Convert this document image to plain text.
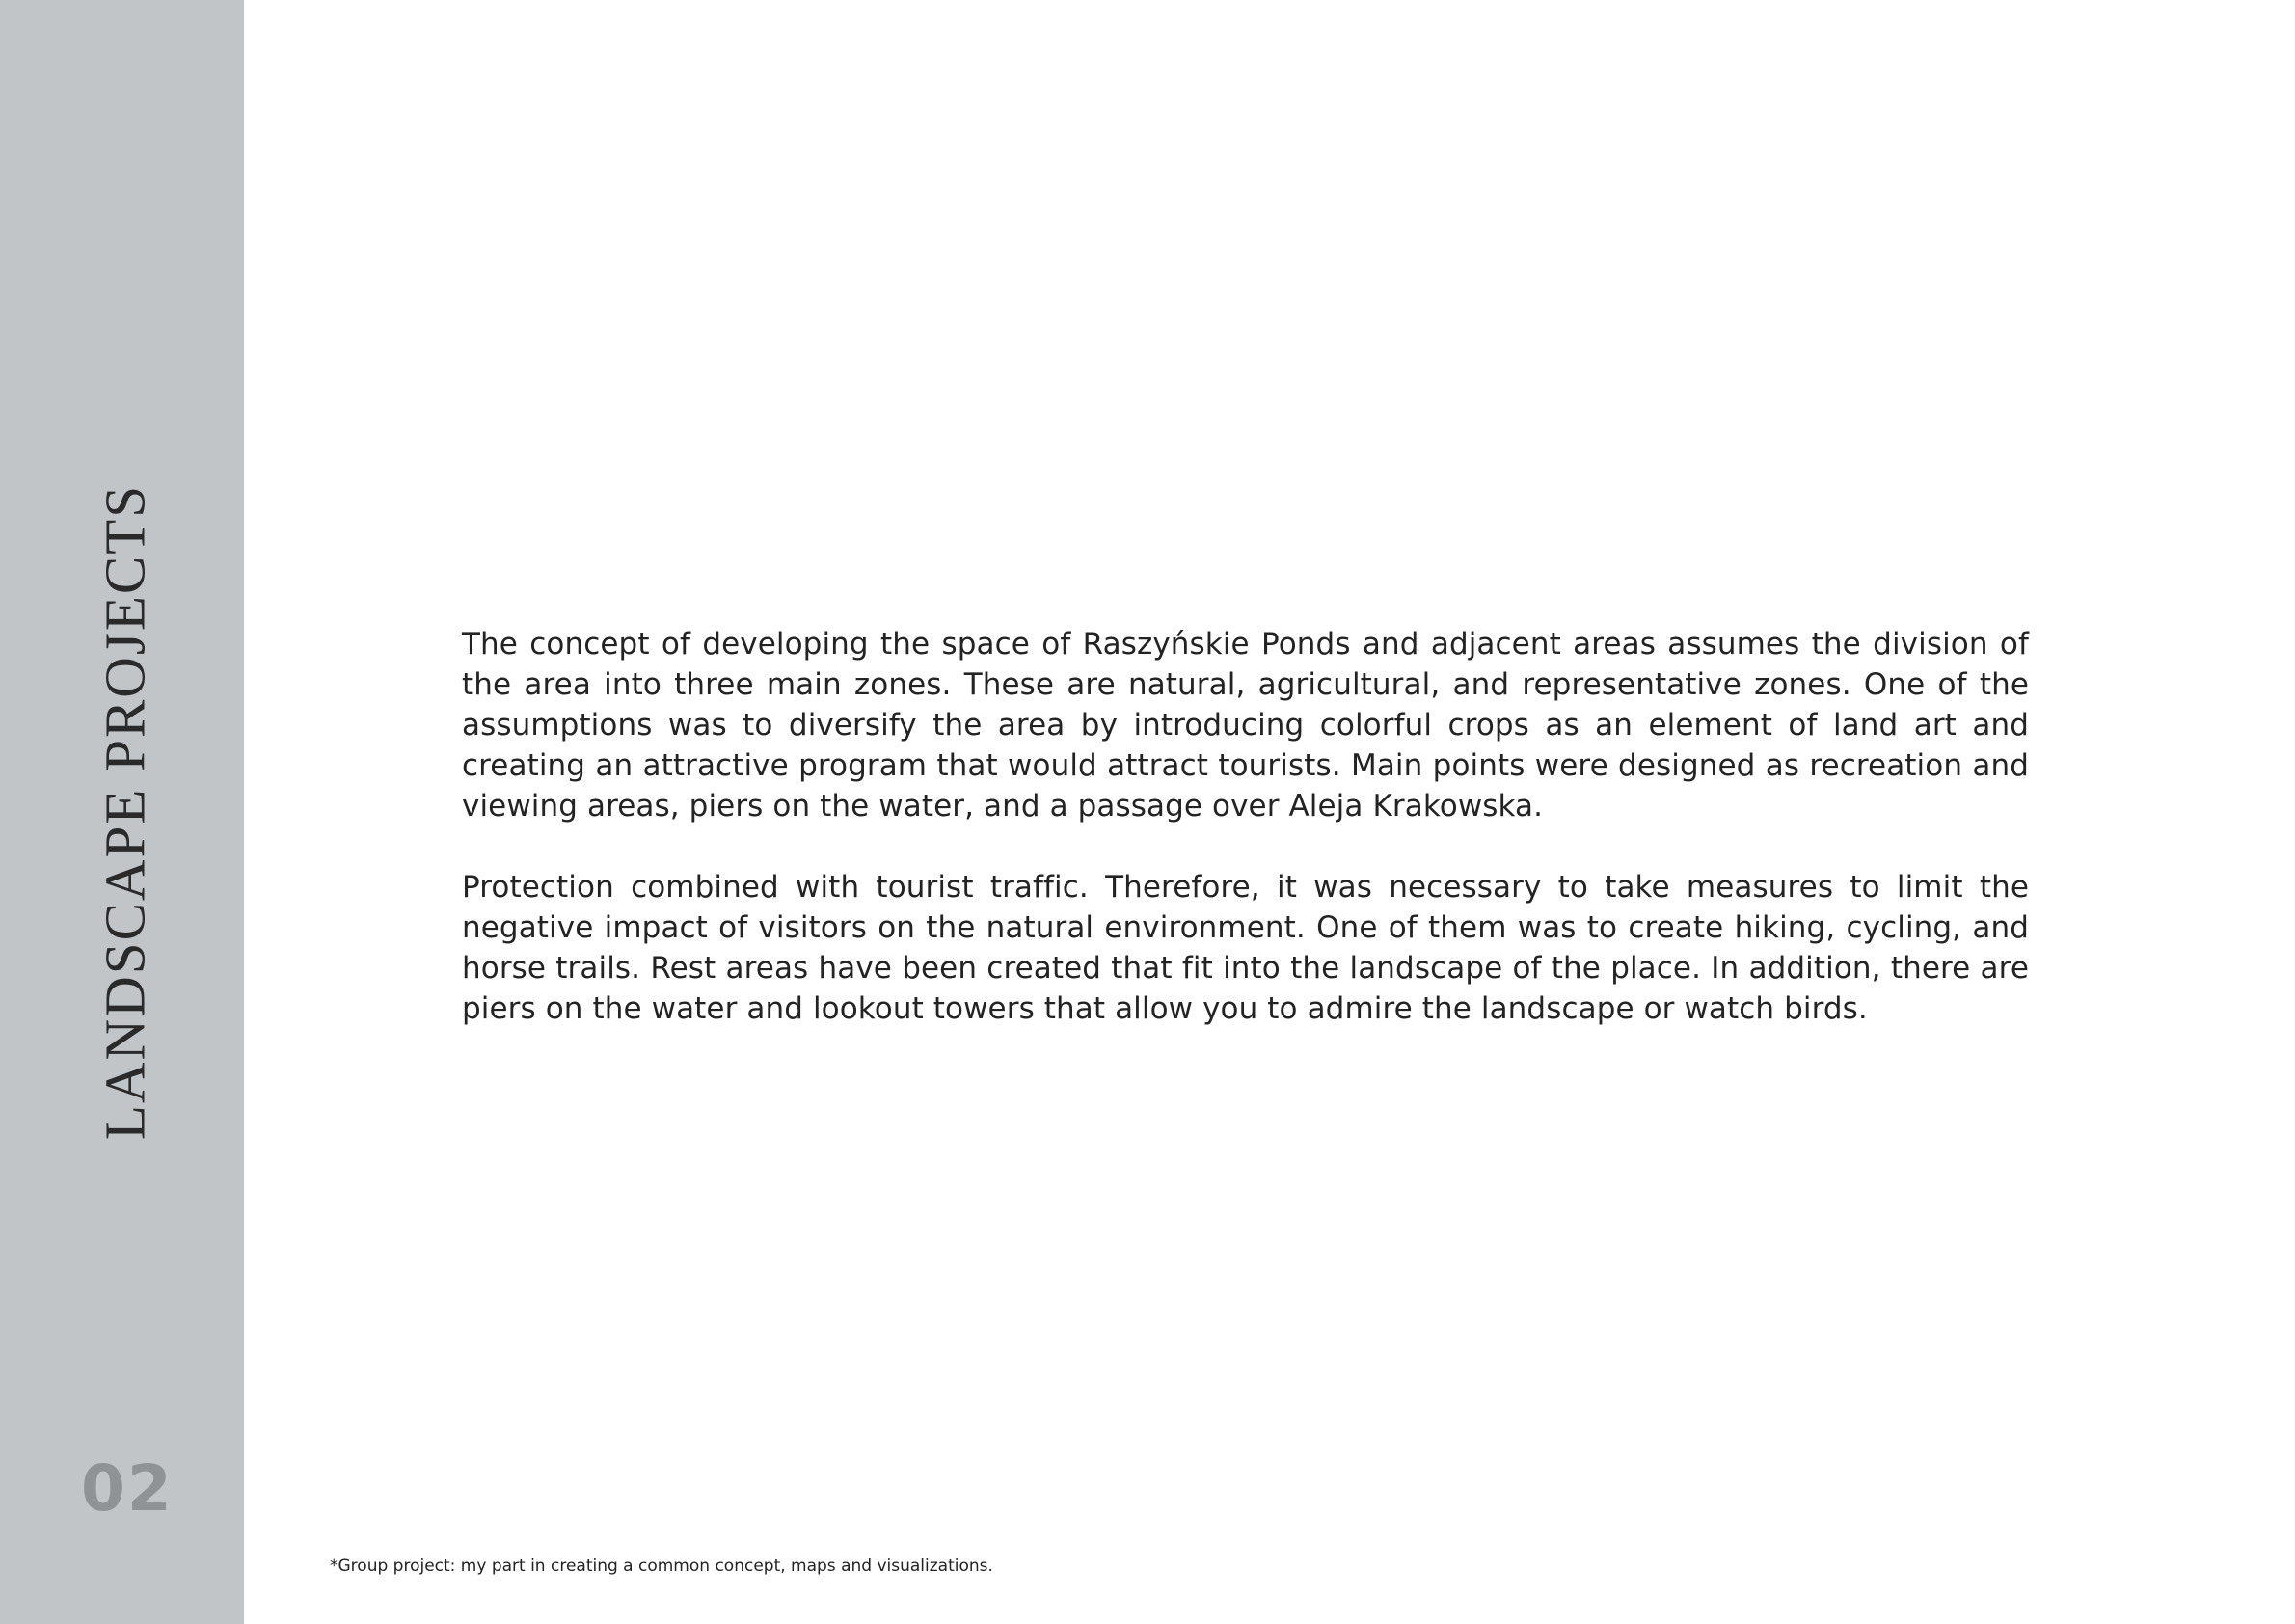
LANDSCAPE PROJECTS
02

The concept of developing the space of Raszyńskie Ponds and adjacent areas assumes the division of the area into three main zones. These are natural, agricultural, and representative zones. One of the assumptions was to diversify the area by introducing colorful crops as an element of land art and creating an attractive program that would attract tourists. Main points were designed as recreation and viewing areas, piers on the water, and a passage over Aleja Krakowska.

Protection combined with tourist traffic. Therefore, it was necessary to take measures to limit the negative impact of visitors on the natural environment. One of them was to create hiking, cycling, and horse trails. Rest areas have been created that fit into the landscape of the place. In addition, there are piers on the water and lookout towers that allow you to admire the landscape or watch birds.

*Group project: my part in creating a common concept, maps and visualizations.
